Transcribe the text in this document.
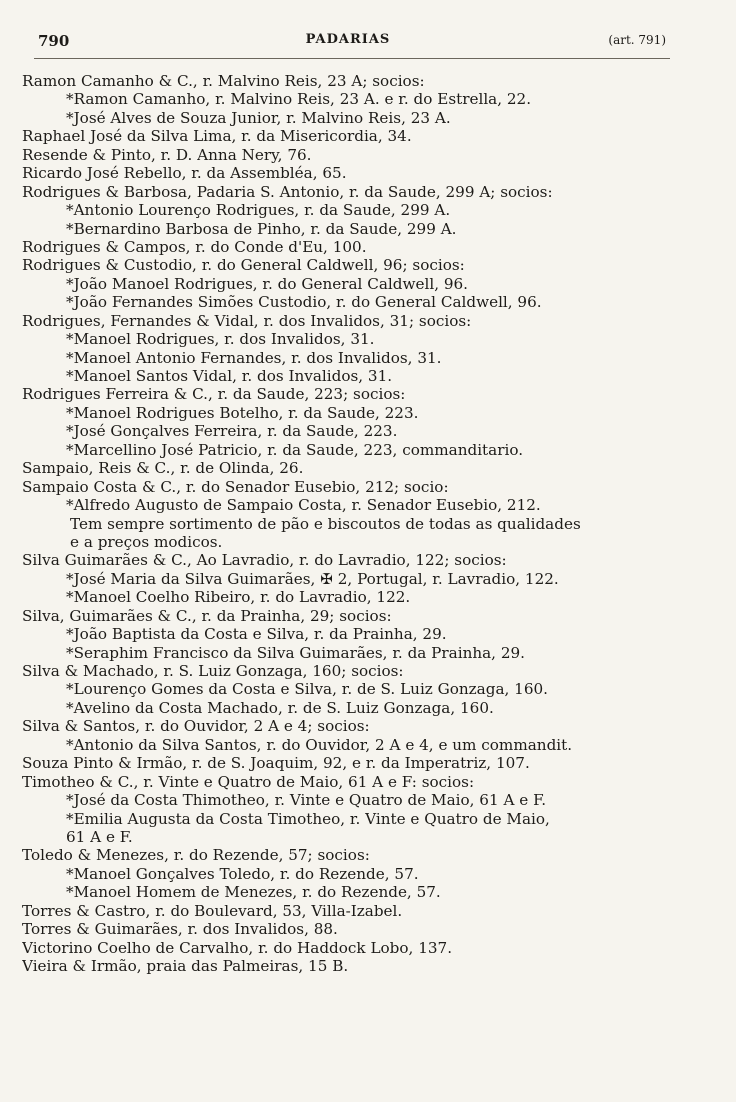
790	PADARIAS	(art. 791)
Ramon Camanho & C., r. Malvino Reis, 23 A; socios:
*Ramon Camanho, r. Malvino Reis, 23 A. e r. do Estrella, 22.
*José Alves de Souza Junior, r. Malvino Reis, 23 A.
Raphael José da Silva Lima, r. da Misericordia, 34.
Resende & Pinto, r. D. Anna Nery, 76.
Ricardo José Rebello, r. da Assembléa, 65.
Rodrigues & Barbosa, Padaria S. Antonio, r. da Saude, 299 A; socios:
*Antonio Lourenço Rodrigues, r. da Saude, 299 A.
*Bernardino Barbosa de Pinho, r. da Saude, 299 A.
Rodrigues & Campos, r. do Conde d'Eu, 100.
Rodrigues & Custodio, r. do General Caldwell, 96; socios:
*João Manoel Rodrigues, r. do General Caldwell, 96.
*João Fernandes Simões Custodio, r. do General Caldwell, 96.
Rodrigues, Fernandes & Vidal, r. dos Invalidos, 31; socios:
*Manoel Rodrigues, r. dos Invalidos, 31.
*Manoel Antonio Fernandes, r. dos Invalidos, 31.
*Manoel Santos Vidal, r. dos Invalidos, 31.
Rodrigues Ferreira & C., r. da Saude, 223; socios:
*Manoel Rodrigues Botelho, r. da Saude, 223.
*José Gonçalves Ferreira, r. da Saude, 223.
*Marcellino José Patricio, r. da Saude, 223, commanditario.
Sampaio, Reis & C., r. de Olinda, 26.
Sampaio Costa & C., r. do Senador Eusebio, 212; socio:
*Alfredo Augusto de Sampaio Costa, r. Senador Eusebio, 212.
Tem sempre sortimento de pão e biscoutos de todas as qualidades
e a preços modicos.
Silva Guimarães & C., Ao Lavradio, r. do Lavradio, 122; socios:
*José Maria da Silva Guimarães, ✠ 2, Portugal, r. Lavradio, 122.
*Manoel Coelho Ribeiro, r. do Lavradio, 122.
Silva, Guimarães & C., r. da Prainha, 29; socios:
*João Baptista da Costa e Silva, r. da Prainha, 29.
*Seraphim Francisco da Silva Guimarães, r. da Prainha, 29.
Silva & Machado, r. S. Luiz Gonzaga, 160; socios:
*Lourenço Gomes da Costa e Silva, r. de S. Luiz Gonzaga, 160.
*Avelino da Costa Machado, r. de S. Luiz Gonzaga, 160.
Silva & Santos, r. do Ouvidor, 2 A e 4; socios:
*Antonio da Silva Santos, r. do Ouvidor, 2 A e 4, e um commandit.
Souza Pinto & Irmão, r. de S. Joaquim, 92, e r. da Imperatriz, 107.
Timotheo & C., r. Vinte e Quatro de Maio, 61 A e F: socios:
*José da Costa Thimotheo, r. Vinte e Quatro de Maio, 61 A e F.
*Emilia Augusta da Costa Timotheo, r. Vinte e Quatro de Maio,
61 A e F.
Toledo & Menezes, r. do Rezende, 57; socios:
*Manoel Gonçalves Toledo, r. do Rezende, 57.
*Manoel Homem de Menezes, r. do Rezende, 57.
Torres & Castro, r. do Boulevard, 53, Villa-Izabel.
Torres & Guimarães, r. dos Invalidos, 88.
Victorino Coelho de Carvalho, r. do Haddock Lobo, 137.
Vieira & Irmão, praia das Palmeiras, 15 B.
